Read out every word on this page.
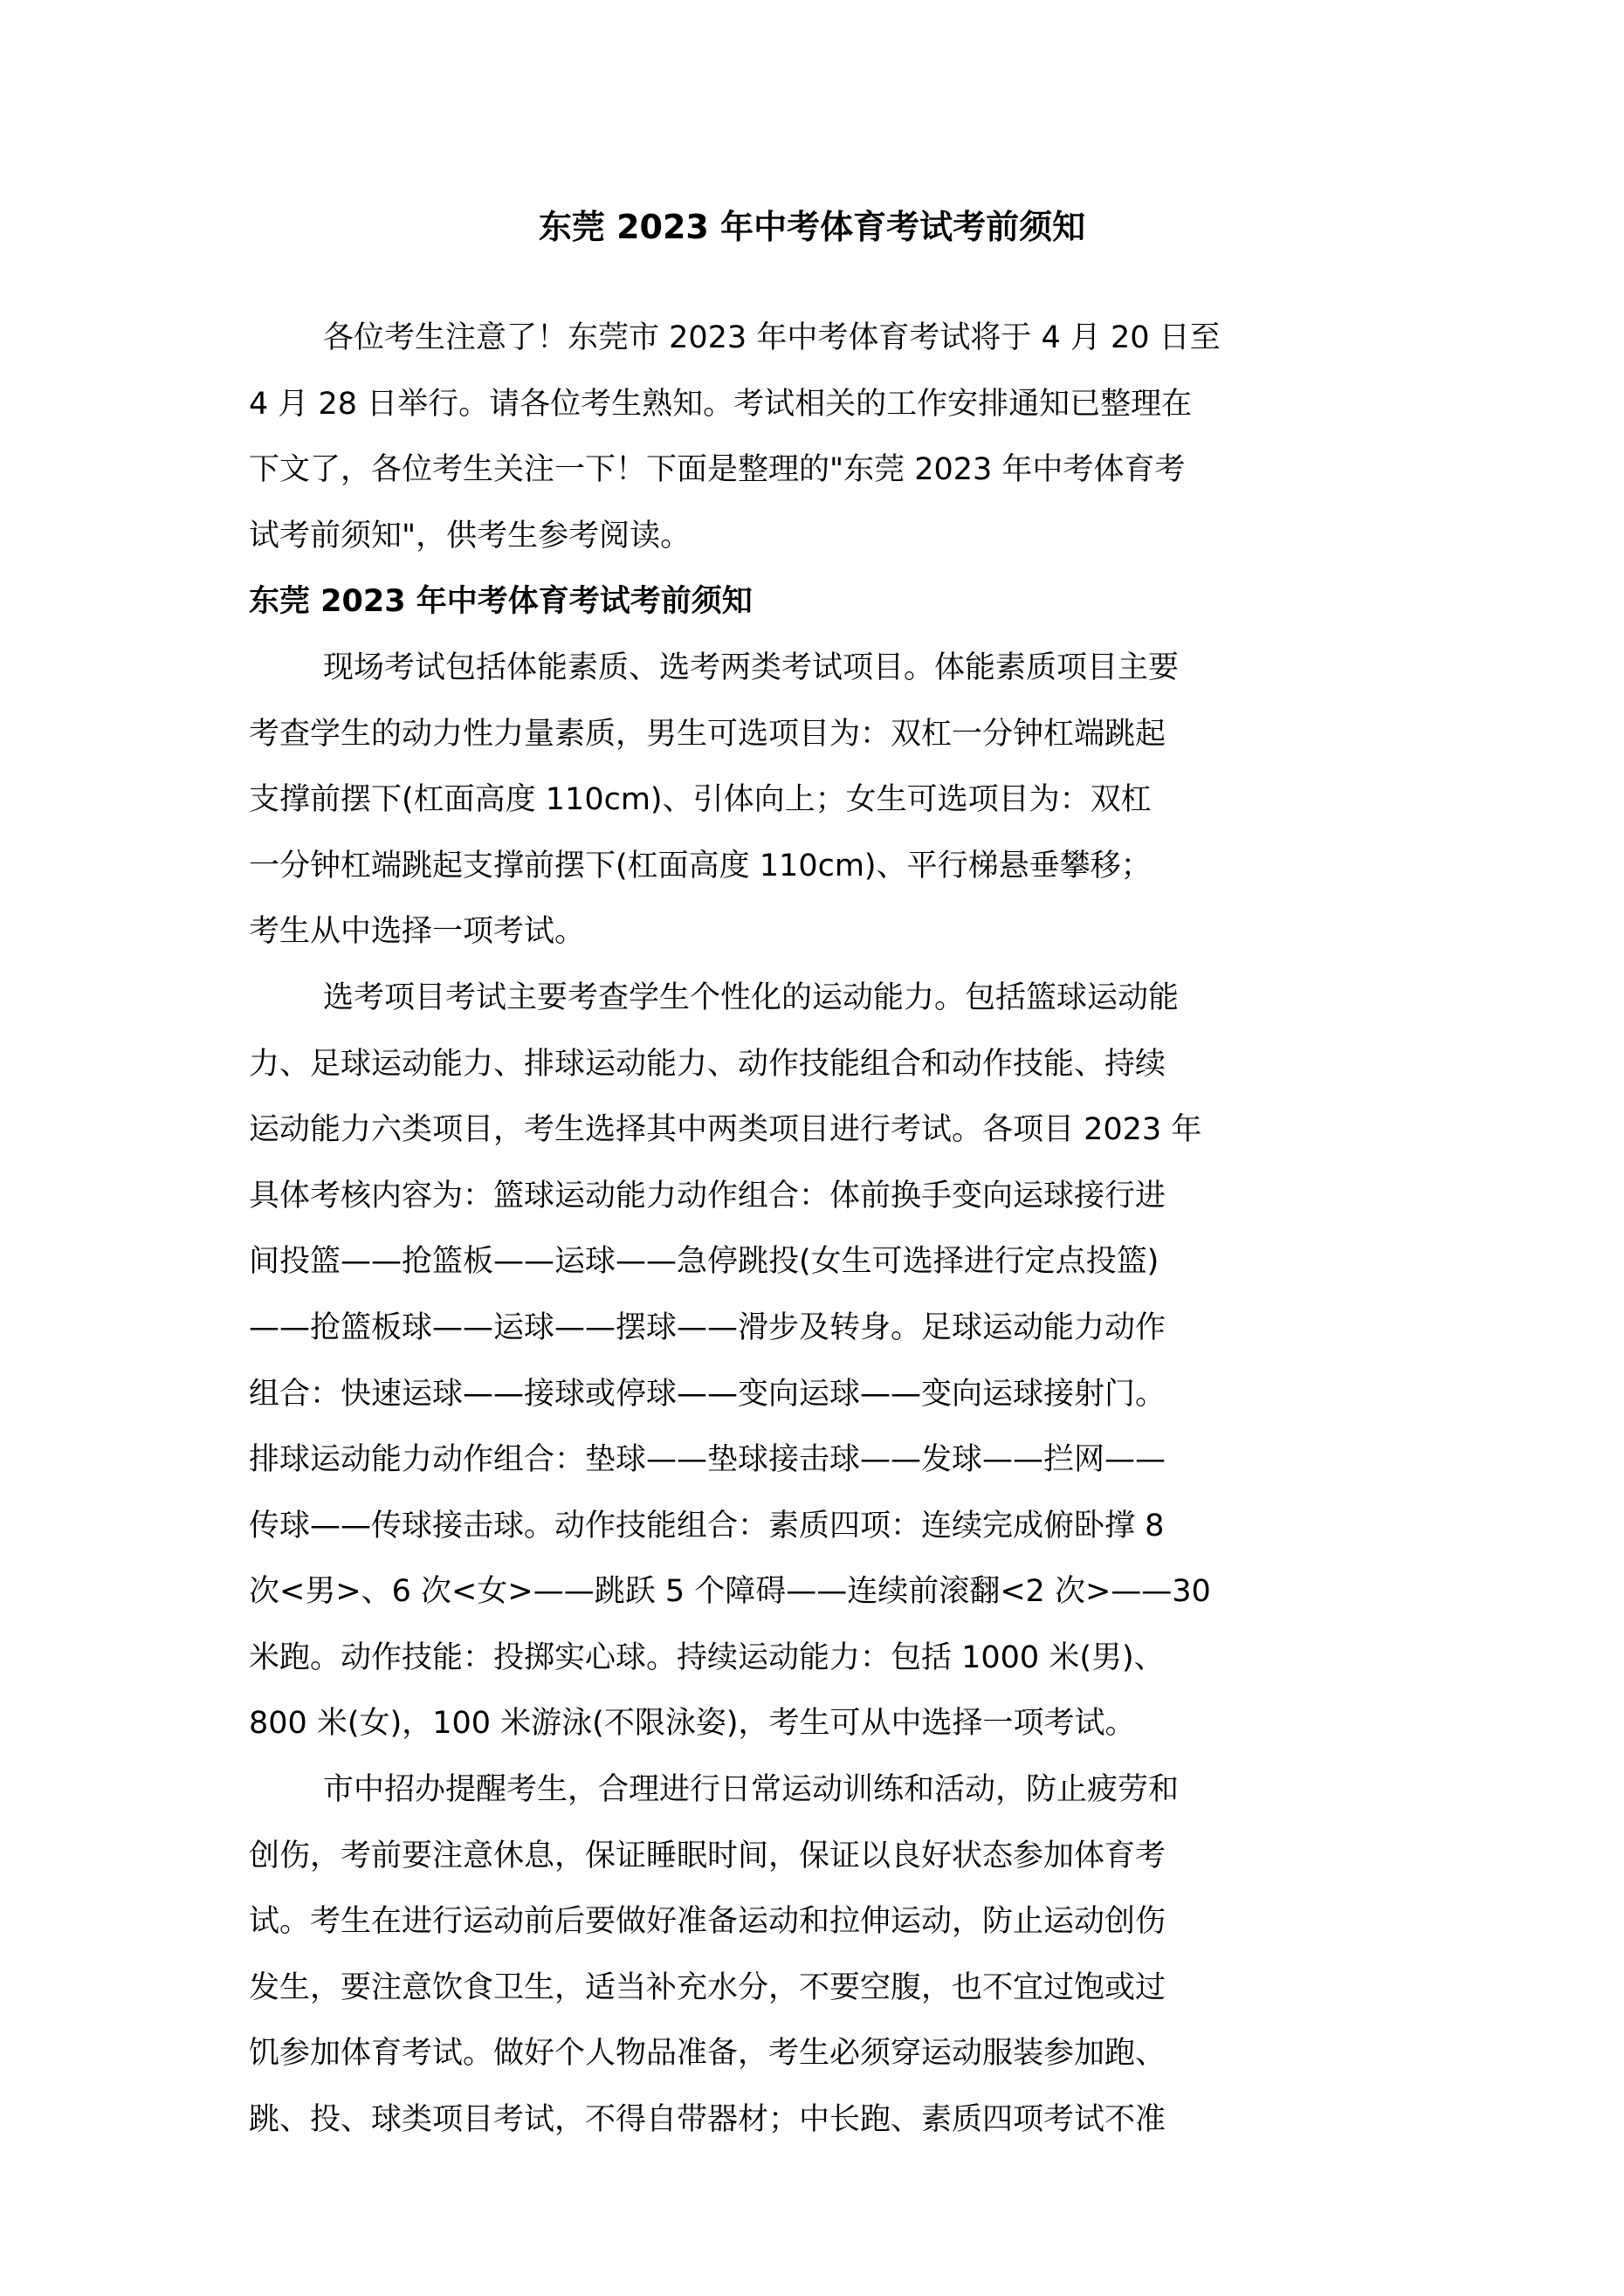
东莞 2023 年中考体育考试考前须知
各位考生注意了！东莞市 2023 年中考体育考试将于 4 月 20 日至
4 月 28 日举行。请各位考生熟知。考试相关的工作安排通知已整理在
下文了，各位考生关注一下！下面是整理的"东莞 2023 年中考体育考
试考前须知"，供考生参考阅读。
东莞 2023 年中考体育考试考前须知
现场考试包括体能素质、选考两类考试项目。体能素质项目主要
考查学生的动力性力量素质，男生可选项目为：双杠一分钟杠端跳起
支撑前摆下(杠面高度 110cm)、引体向上；女生可选项目为：双杠
一分钟杠端跳起支撑前摆下(杠面高度 110cm)、平行梯悬垂攀移；
考生从中选择一项考试。
选考项目考试主要考查学生个性化的运动能力。包括篮球运动能
力、足球运动能力、排球运动能力、动作技能组合和动作技能、持续
运动能力六类项目，考生选择其中两类项目进行考试。各项目 2023 年
具体考核内容为：篮球运动能力动作组合：体前换手变向运球接行进
间投篮——抢篮板——运球——急停跳投(女生可选择进行定点投篮)
——抢篮板球——运球——摆球——滑步及转身。足球运动能力动作
组合：快速运球——接球或停球——变向运球——变向运球接射门。
排球运动能力动作组合：垫球——垫球接击球——发球——拦网——
传球——传球接击球。动作技能组合：素质四项：连续完成俯卧撑 8
次<男>、6 次<女>——跳跃 5 个障碍——连续前滚翻<2 次>——30
米跑。动作技能：投掷实心球。持续运动能力：包括 1000 米(男)、
800 米(女)，100 米游泳(不限泳姿)，考生可从中选择一项考试。
市中招办提醒考生，合理进行日常运动训练和活动，防止疲劳和
创伤，考前要注意休息，保证睡眠时间，保证以良好状态参加体育考
试。考生在进行运动前后要做好准备运动和拉伸运动，防止运动创伤
发生，要注意饮食卫生，适当补充水分，不要空腹，也不宜过饱或过
饥参加体育考试。做好个人物品准备，考生必须穿运动服装参加跑、
跳、投、球类项目考试，不得自带器材；中长跑、素质四项考试不准
